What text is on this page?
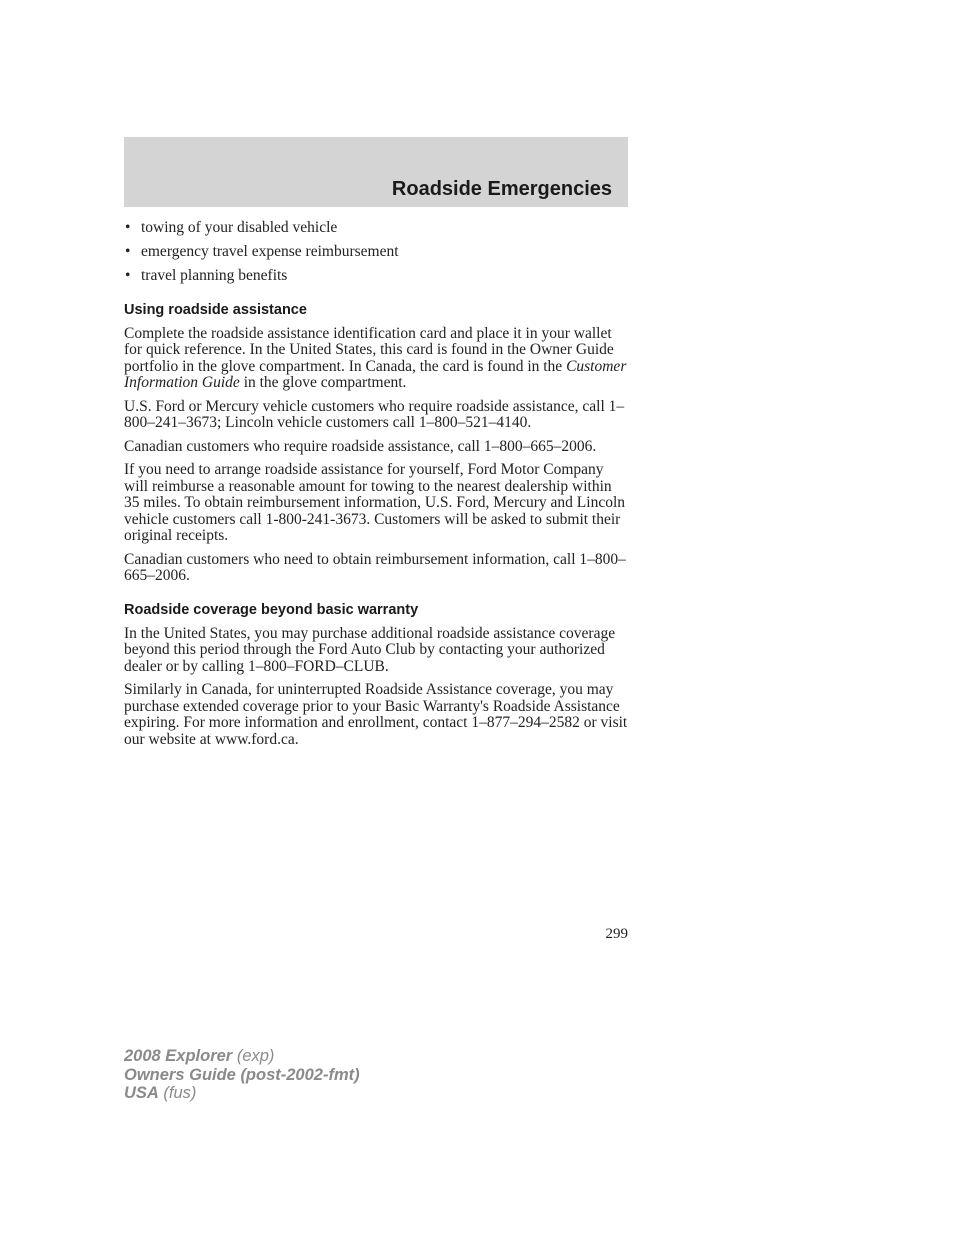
Roadside Emergencies
• towing of your disabled vehicle
• emergency travel expense reimbursement
• travel planning benefits
Using roadside assistance

Complete the roadside assistance identification card and place it in your wallet for quick reference. In the United States, this card is found in the Owner Guide portfolio in the glove compartment. In Canada, the card is found in the Customer Information Guide in the glove compartment.

U.S. Ford or Mercury vehicle customers who require roadside assistance, call 1–800–241–3673; Lincoln vehicle customers call 1–800–521–4140.

Canadian customers who require roadside assistance, call 1–800–665–2006.

If you need to arrange roadside assistance for yourself, Ford Motor Company will reimburse a reasonable amount for towing to the nearest dealership within 35 miles. To obtain reimbursement information, U.S. Ford, Mercury and Lincoln vehicle customers call 1-800-241-3673. Customers will be asked to submit their original receipts.

Canadian customers who need to obtain reimbursement information, call 1–800–665–2006.

Roadside coverage beyond basic warranty

In the United States, you may purchase additional roadside assistance coverage beyond this period through the Ford Auto Club by contacting your authorized dealer or by calling 1–800–FORD–CLUB.

Similarly in Canada, for uninterrupted Roadside Assistance coverage, you may purchase extended coverage prior to your Basic Warranty's Roadside Assistance expiring. For more information and enrollment, contact 1–877–294–2582 or visit our website at www.ford.ca.

299
2008 Explorer (exp)
Owners Guide (post-2002-fmt)
USA (fus)
